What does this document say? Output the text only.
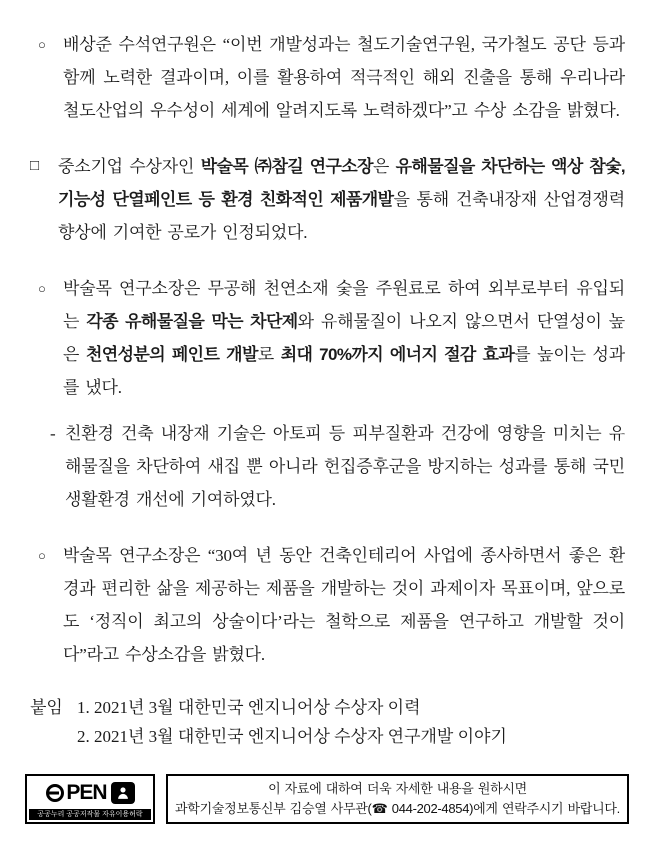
○	배상준 수석연구원은 “이번 개발성과는 철도기술연구원, 국가철도 공단 등과 함께 노력한 결과이며, 이를 활용하여 적극적인 해외 진출을 통해 우리나라 철도산업의 우수성이 세계에 알려지도록 노력하겠다”고 수상 소감을 밝혔다.
□	중소기업 수상자인 박술목 ㈜참길 연구소장은 유해물질을 차단하는 액상 참숯, 기능성 단열페인트 등 환경 친화적인 제품개발을 통해 건축내장재 산업경쟁력 향상에 기여한 공로가 인정되었다.
○	박술목 연구소장은 무공해 천연소재 숯을 주원료로 하여 외부로부터 유입되는 각종 유해물질을 막는 차단제와 유해물질이 나오지 않으면서 단열성이 높은 천연성분의 페인트 개발로 최대 70%까지 에너지 절감 효과를 높이는 성과를 냈다.
- 친환경 건축 내장재 기술은 아토피 등 피부질환과 건강에 영향을 미치는 유해물질을 차단하여 새집 뿐 아니라 헌집증후군을 방지하는 성과를 통해 국민 생활환경 개선에 기여하였다.
○	박술목 연구소장은 “30여 년 동안 건축인테리어 사업에 종사하면서 좋은 환경과 편리한 삶을 제공하는 제품을 개발하는 것이 과제이자 목표이며, 앞으로도 ‘정직이 최고의 상술이다’라는 철학으로 제품을 연구하고 개발할 것이다”라고 수상소감을 밝혔다.
붙임 1. 2021년 3월 대한민국 엔지니어상 수상자 이력
2. 2021년 3월 대한민국 엔지니어상 수상자 연구개발 이야기
PEN
공공누리 공공저작물 자유이용허락
이 자료에 대하여 더욱 자세한 내용을 원하시면
과학기술정보통신부 김승열 사무관(☎ 044-202-4854)에게 연락주시기 바랍니다.
